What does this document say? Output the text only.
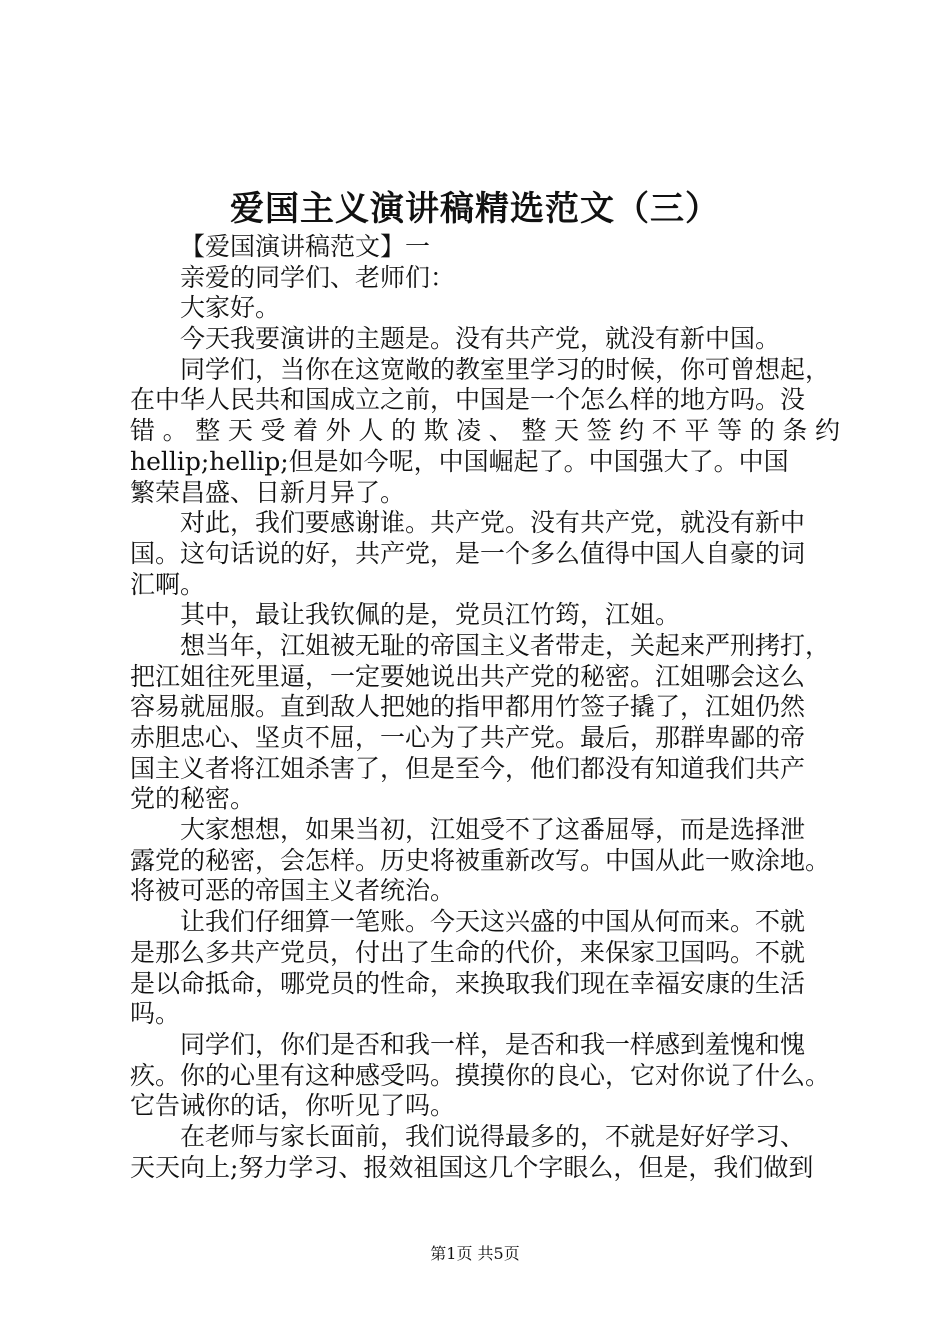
爱国主义演讲稿精选范文（三）
【爱国演讲稿范文】一
亲爱的同学们、老师们：
大家好。
今天我要演讲的主题是。没有共产党，就没有新中国。
同学们，当你在这宽敞的教室里学习的时候，你可曾想起，
在中华人民共和国成立之前，中国是一个怎么样的地方吗。没
错。整天受着外人的欺凌、整天签约不平等的条约
hellip;hellip;但是如今呢，中国崛起了。中国强大了。中国
繁荣昌盛、日新月异了。
对此，我们要感谢谁。共产党。没有共产党，就没有新中
国。这句话说的好，共产党，是一个多么值得中国人自豪的词
汇啊。
其中，最让我钦佩的是，党员江竹筠，江姐。
想当年，江姐被无耻的帝国主义者带走，关起来严刑拷打，
把江姐往死里逼，一定要她说出共产党的秘密。江姐哪会这么
容易就屈服。直到敌人把她的指甲都用竹签子撬了，江姐仍然
赤胆忠心、坚贞不屈，一心为了共产党。最后，那群卑鄙的帝
国主义者将江姐杀害了，但是至今，他们都没有知道我们共产
党的秘密。
大家想想，如果当初，江姐受不了这番屈辱，而是选择泄
露党的秘密，会怎样。历史将被重新改写。中国从此一败涂地。
将被可恶的帝国主义者统治。
让我们仔细算一笔账。今天这兴盛的中国从何而来。不就
是那么多共产党员，付出了生命的代价，来保家卫国吗。不就
是以命抵命，哪党员的性命，来换取我们现在幸福安康的生活
吗。
同学们，你们是否和我一样，是否和我一样感到羞愧和愧
疚。你的心里有这种感受吗。摸摸你的良心，它对你说了什么。
它告诫你的话，你听见了吗。
在老师与家长面前，我们说得最多的，不就是好好学习、
天天向上;努力学习、报效祖国这几个字眼么，但是，我们做到
第1页 共5页
